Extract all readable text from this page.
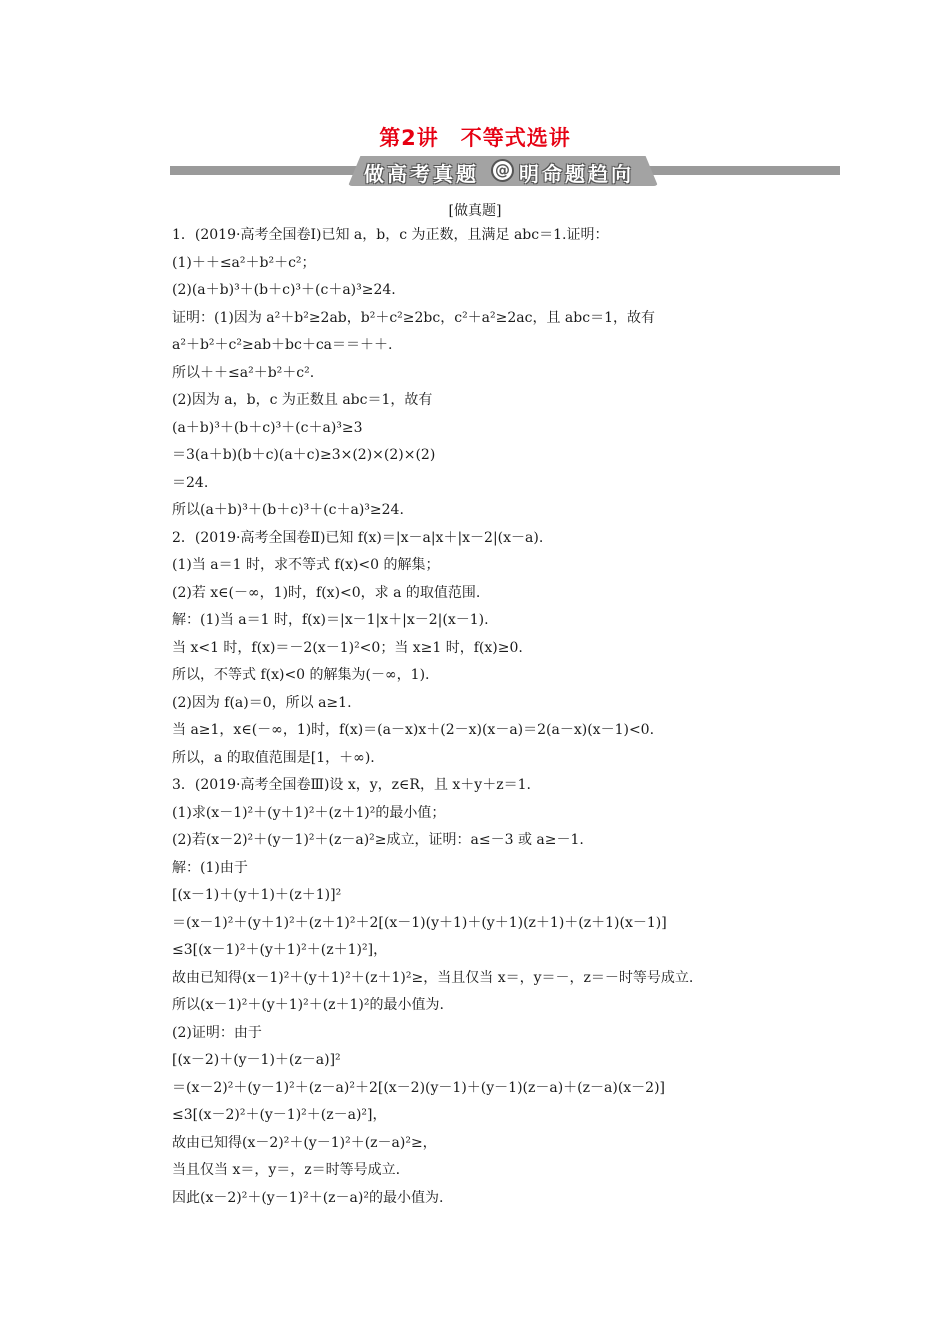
第2讲　不等式选讲
做高考真题 @ 明命题趋向
[做真题]
1．(2019·高考全国卷Ⅰ)已知 a，b，c 为正数，且满足 abc＝1.证明：
(1)＋＋≤a²＋b²＋c²；
(2)(a＋b)³＋(b＋c)³＋(c＋a)³≥24.
证明：(1)因为 a²＋b²≥2ab，b²＋c²≥2bc，c²＋a²≥2ac，且 abc＝1，故有
a²＋b²＋c²≥ab＋bc＋ca＝＝＋＋.
所以＋＋≤a²＋b²＋c².
(2)因为 a，b，c 为正数且 abc＝1，故有
(a＋b)³＋(b＋c)³＋(c＋a)³≥3
＝3(a＋b)(b＋c)(a＋c)≥3×(2)×(2)×(2)
＝24.
所以(a＋b)³＋(b＋c)³＋(c＋a)³≥24.
2．(2019·高考全国卷Ⅱ)已知 f(x)＝|x－a|x＋|x－2|(x－a).
(1)当 a＝1 时，求不等式 f(x)<0 的解集；
(2)若 x∈(－∞，1)时，f(x)<0，求 a 的取值范围.
解：(1)当 a＝1 时，f(x)＝|x－1|x＋|x－2|(x－1).
当 x<1 时，f(x)＝－2(x－1)²<0；当 x≥1 时，f(x)≥0.
所以，不等式 f(x)<0 的解集为(－∞，1).
(2)因为 f(a)＝0，所以 a≥1.
当 a≥1，x∈(－∞，1)时，f(x)＝(a－x)x＋(2－x)(x－a)＝2(a－x)(x－1)<0.
所以，a 的取值范围是[1，＋∞).
3．(2019·高考全国卷Ⅲ)设 x，y，z∈R，且 x＋y＋z＝1.
(1)求(x－1)²＋(y＋1)²＋(z＋1)²的最小值；
(2)若(x－2)²＋(y－1)²＋(z－a)²≥成立，证明：a≤－3 或 a≥－1.
解：(1)由于
[(x－1)＋(y＋1)＋(z＋1)]²
＝(x－1)²＋(y＋1)²＋(z＋1)²＋2[(x－1)(y＋1)＋(y＋1)(z＋1)＋(z＋1)(x－1)]
≤3[(x－1)²＋(y＋1)²＋(z＋1)²]，
故由已知得(x－1)²＋(y＋1)²＋(z＋1)²≥，当且仅当 x＝，y＝－，z＝－时等号成立.
所以(x－1)²＋(y＋1)²＋(z＋1)²的最小值为.
(2)证明：由于
[(x－2)＋(y－1)＋(z－a)]²
＝(x－2)²＋(y－1)²＋(z－a)²＋2[(x－2)(y－1)＋(y－1)(z－a)＋(z－a)(x－2)]
≤3[(x－2)²＋(y－1)²＋(z－a)²]，
故由已知得(x－2)²＋(y－1)²＋(z－a)²≥，
当且仅当 x＝，y＝，z＝时等号成立.
因此(x－2)²＋(y－1)²＋(z－a)²的最小值为.
